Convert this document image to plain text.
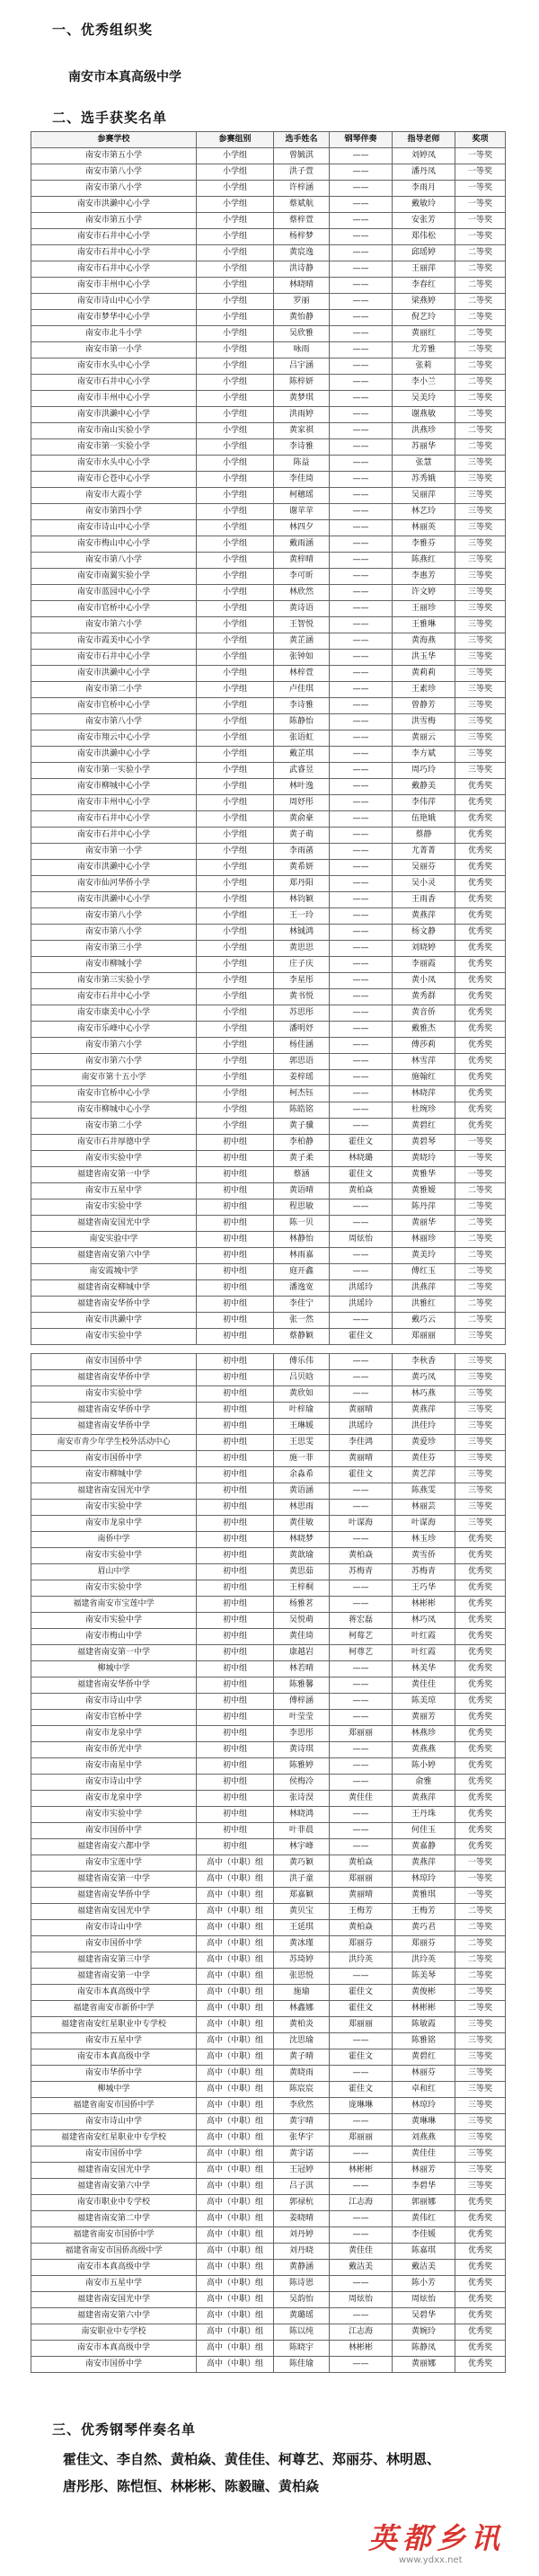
一、优秀组织奖
南安市本真高级中学
二、选手获奖名单
参赛学校	参赛组别	选手姓名	钢琴伴奏	指导老师	奖项
南安市第五小学	小学组	曾毓淇	——	刘婷凤	一等奖
南安市第八小学	小学组	洪子萱	——	潘丹凤	一等奖
南安市第八小学	小学组	许梓涵	——	李雨月	一等奖
南安市洪濑中心小学	小学组	蔡斌航	——	戴敏玲	一等奖
南安市第五小学	小学组	蔡梓萱	——	安张芳	一等奖
南安市石井中心小学	小学组	杨梓梦	——	郑伟松	一等奖
南安市石井中心小学	小学组	黄宸逸	——	邱瑶婷	二等奖
南安市石井中心小学	小学组	洪诗静	——	王丽萍	二等奖
南安市丰州中心小学	小学组	林晓晴	——	李春红	二等奖
南安市诗山中心小学	小学组	罗丽	——	梁燕婷	二等奖
南安市梦华中心小学	小学组	黄怡静	——	倪艺玲	二等奖
南安市北斗小学	小学组	吴欣雅	——	黄丽红	二等奖
南安市第一小学	小学组	咏雨	——	尤芳雅	二等奖
南安市水头中心小学	小学组	吕宇涵	——	张莉	二等奖
南安市石井中心小学	小学组	陈梓妍	——	李小兰	二等奖
南安市丰州中心小学	小学组	黄梦琪	——	吴美玲	二等奖
南安市洪濑中心小学	小学组	洪雨婷	——	谢燕敏	二等奖
南安市南山实验小学	小学组	黄家祺	——	洪燕珍	二等奖
南安市第一实验小学	小学组	李诗雅	——	苏丽华	二等奖
南安市水头中心小学	小学组	陈益	——	张慧	三等奖
南安市仑苍中心小学	小学组	李佳琦	——	苏秀娥	三等奖
南安市大霞小学	小学组	柯穗瑶	——	吴丽萍	三等奖
南安市第四小学	小学组	谢苹苹	——	林艺玲	三等奖
南安市诗山中心小学	小学组	林四夕	——	林丽英	三等奖
南安市梅山中心小学	小学组	戴雨涵	——	李雅芬	三等奖
南安市第八小学	小学组	黄梓晴	——	陈燕红	三等奖
南安市南翼实验小学	小学组	李可昕	——	李惠芳	三等奖
南安市蓝园中心小学	小学组	林欣然	——	许文婷	三等奖
南安市官桥中心小学	小学组	黄诗语	——	王丽珍	三等奖
南安市第六小学	小学组	王智悦	——	王雅琳	三等奖
南安市霞美中心小学	小学组	黄芷涵	——	黄海燕	三等奖
南安市石井中心小学	小学组	张钟如	——	洪玉华	三等奖
南安市洪濑中心小学	小学组	林梓萱	——	黄莉莉	三等奖
南安市第二小学	小学组	卢佳琪	——	王素珍	三等奖
南安市官桥中心小学	小学组	李诗雅	——	曾静芳	三等奖
南安市第八小学	小学组	陈静怡	——	洪雪梅	三等奖
南安市翔云中心小学	小学组	张语虹	——	黄丽云	三等奖
南安市洪濑中心小学	小学组	戴芷琪	——	李方斌	三等奖
南安市第一实验小学	小学组	武睿昱	——	周巧玲	三等奖
南安市柳城中心小学	小学组	林叶逸	——	戴静美	优秀奖
南安市丰州中心小学	小学组	周妤彤	——	李伟萍	优秀奖
南安市石井中心小学	小学组	黄俞豪	——	伍艳娥	优秀奖
南安市石井中心小学	小学组	黄子萌	——	蔡静	优秀奖
南安市第一小学	小学组	李雨菡	——	尤菁菁	优秀奖
南安市洪濑中心小学	小学组	黄希妍	——	吴丽芬	优秀奖
南安市仙河华侨小学	小学组	郑丹阳	——	吴小灵	优秀奖
南安市洪濑中心小学	小学组	林钧颖	——	王雨香	优秀奖
南安市第八小学	小学组	王一玲	——	黄燕萍	优秀奖
南安市第八小学	小学组	林铖鸿	——	杨文静	优秀奖
南安市第三小学	小学组	黄思思	——	刘晓婷	优秀奖
南安市柳城小学	小学组	庄子庆	——	李丽霞	优秀奖
南安市第三实验小学	小学组	李星彤	——	黄小凤	优秀奖
南安市石井中心小学	小学组	黄书悦	——	黄秀群	优秀奖
南安市康美中心小学	小学组	苏思彤	——	黄音侨	优秀奖
南安市乐峰中心小学	小学组	潘明妤	——	戴雅杰	优秀奖
南安市第六小学	小学组	杨佳涵	——	傅莎莉	优秀奖
南安市第六小学	小学组	郭思语	——	林雪萍	优秀奖
南安市第十五小学	小学组	姜梓瑶	——	施翰红	优秀奖
南安市官桥中心小学	小学组	柯杰钰	——	林晓萍	优秀奖
南安市柳城中心小学	小学组	陈皓铭	——	杜琬珍	优秀奖
南安市第二小学	小学组	黄子骥	——	黄碧红	优秀奖
南安市石井厚德中学	初中组	李柏静	霍佳文	黄碧琴	一等奖
南安市实验中学	初中组	黄子柔	林晓璐	黄晓玲	一等奖
福建省南安第一中学	初中组	蔡涵	霍佳文	黄雅华	一等奖
南安市五星中学	初中组	黄语晴	黄柏焱	黄雅嫒	二等奖
南安市实验中学	初中组	程思敏	——	陈丹萍	二等奖
福建省南安国光中学	初中组	陈一贝	——	黄丽华	二等奖
南安实验中学	初中组	林静怡	周炫怡	林丽珍	二等奖
福建省南安第六中学	初中组	林雨嘉	——	黄美玲	二等奖
南安霞城中学	初中组	庭开鑫	——	傅红玉	二等奖
福建省南安柳城中学	初中组	潘逸宽	洪瑶玲	洪燕萍	二等奖
福建省南安华侨中学	初中组	李佳宁	洪瑶玲	洪雅红	二等奖
南安市洪濑中学	初中组	张一然	——	戴巧云	二等奖
南安市实验中学	初中组	蔡静颖	霍佳文	郑丽丽	三等奖
南安市国侨中学	初中组	傅乐伟	——	李秋香	三等奖
福建省南安华侨中学	初中组	吕贝晗	——	黄巧凤	三等奖
南安市实验中学	初中组	黄欣如	——	林巧燕	三等奖
福建省南安华侨中学	初中组	叶梓瑜	黄丽晴	黄燕萍	三等奖
福建省南安华侨中学	初中组	王琳媛	洪瑶玲	洪佳玲	三等奖
南安市青少年学生校外活动中心	初中组	王思雯	李佳鸿	黄爱珍	三等奖
南安市国侨中学	初中组	施一菲	黄丽晴	黄佳芬	三等奖
南安市柳城中学	初中组	余淼希	霍佳文	黄艺萍	三等奖
福建省南安国光中学	初中组	黄语涵	——	陈燕雯	三等奖
南安市实验中学	初中组	林思雨	——	林丽芸	三等奖
南安市龙泉中学	初中组	黄佳敏	叶谋海	叶谋海	三等奖
南侨中学	初中组	林晓梦	——	林玉珍	优秀奖
南安市实验中学	初中组	黄歆瑜	黄柏焱	黄雪侨	优秀奖
眉山中学	初中组	黄思茹	苏梅青	苏梅青	优秀奖
南安市实验中学	初中组	王梓桐	——	王巧华	优秀奖
福建省南安市宝莲中学	初中组	杨雅茗	——	林彬彬	优秀奖
南安市实验中学	初中组	吴悦萌	蒋宏磊	林巧凤	优秀奖
南安市梅山中学	初中组	黄佳琦	柯莓艺	叶红霞	优秀奖
福建省南安第一中学	初中组	康越岩	柯尊艺	叶红霞	优秀奖
柳城中学	初中组	林若晴	——	林美华	优秀奖
福建省南安华侨中学	初中组	陈雅馨	——	黄佳佳	优秀奖
南安市诗山中学	初中组	傅梓涵	——	陈美琼	优秀奖
南安市官桥中学	初中组	叶莹莹	——	黄丽芳	优秀奖
南安市龙泉中学	初中组	李思彤	郑丽丽	林燕珍	优秀奖
南安市侨光中学	初中组	黄诗琪	——	黄燕燕	优秀奖
南安市南星中学	初中组	陈雅婷	——	陈小婷	优秀奖
南安市诗山中学	初中组	侯梅冷	——	俞雅	优秀奖
南安市龙泉中学	初中组	张诗淏	黄佳佳	黄燕萍	优秀奖
南安市实验中学	初中组	林晓鸿	——	王丹珠	优秀奖
南安市国侨中学	初中组	叶菲晨	——	何佳玉	优秀奖
福建省南安六都中学	初中组	林宇峰	——	黄嘉静	优秀奖
南安市宝莲中学	高中（中职）组	黄巧颖	黄柏焱	黄燕萍	一等奖
福建省南安第一中学	高中（中职）组	洪子童	郑丽丽	林琼玲	一等奖
福建省南安华侨中学	高中（中职）组	郑嘉颖	黄丽晴	黄雅琪	一等奖
福建省南安国光中学	高中（中职）组	黄贝宝	王梅芳	王梅芳	二等奖
南安市诗山中学	高中（中职）组	王延琪	黄柏焱	黄巧君	二等奖
南安市国侨中学	高中（中职）组	黄冰瑾	郑丽芬	郑丽芬	二等奖
福建省南安第三中学	高中（中职）组	苏琦婷	洪玲英	洪玲英	二等奖
福建省南安第一中学	高中（中职）组	张思悦	——	陈美琴	二等奖
南安市本真高级中学	高中（中职）组	施瑜	霍佳文	黄俊彬	二等奖
福建省南安市新侨中学	高中（中职）组	林鑫娜	霍佳文	林彬彬	二等奖
福建省南安红星职业中专学校	高中（中职）组	黄柏炎	郑丽丽	陈敏霞	三等奖
南安市五星中学	高中（中职）组	沈思瑜	——	陈雅铭	三等奖
南安市本真高级中学	高中（中职）组	黄子晴	霍佳文	黄碧红	三等奖
南安市华侨中学	高中（中职）组	黄晓雨	——	林丽芬	三等奖
柳城中学	高中（中职）组	陈宸宸	霍佳文	卓和红	三等奖
福建省南安市国侨中学	高中（中职）组	李欣然	庞琳琳	林琼玲	三等奖
南安市诗山中学	高中（中职）组	黄宇晴	——	黄琳琳	三等奖
福建省南安红星职业中专学校	高中（中职）组	张华宇	郑丽丽	刘燕燕	三等奖
南安市国侨中学	高中（中职）组	黄宇诺	——	黄佳佳	三等奖
福建省南安国光中学	高中（中职）组	王冠婷	林彬彬	林丽芳	三等奖
福建省南安第六中学	高中（中职）组	吕子淇	——	李碧华	三等奖
南安市职业中专学校	高中（中职）组	郭禄杭	江志海	郭丽娜	优秀奖
福建省南安第二中学	高中（中职）组	姜晓晴	——	黄伟红	优秀奖
福建省南安市国侨中学	高中（中职）组	刘丹婷	——	李佳媛	优秀奖
福建省南安市国侨高级中学	高中（中职）组	刘丹晓	黄佳佳	陈嘉琪	优秀奖
南安市本真高级中学	高中（中职）组	黄静涵	戴洁美	戴洁美	优秀奖
南安市五星中学	高中（中职）组	陈诗恩	——	陈小芳	优秀奖
福建省南安国光中学	高中（中职）组	吴韵怡	周炫怡	周炫怡	优秀奖
福建省南安第六中学	高中（中职）组	黄璐瑶	——	吴碧华	优秀奖
南安职业中专学校	高中（中职）组	陈以纯	江志海	黄婉玲	优秀奖
南安市本真高级中学	高中（中职）组	陈晓宇	林彬彬	陈静凤	优秀奖
南安市国侨中学	高中（中职）组	陈佳瑜	——	黄丽娜	优秀奖
三、优秀钢琴伴奏名单
霍佳文、李自然、黄柏焱、黄佳佳、柯尊艺、郑丽芬、林明恩、
唐彤彤、陈恺恒、林彬彬、陈毅瞳、黄柏焱
英都乡讯
www.ydxx.net
